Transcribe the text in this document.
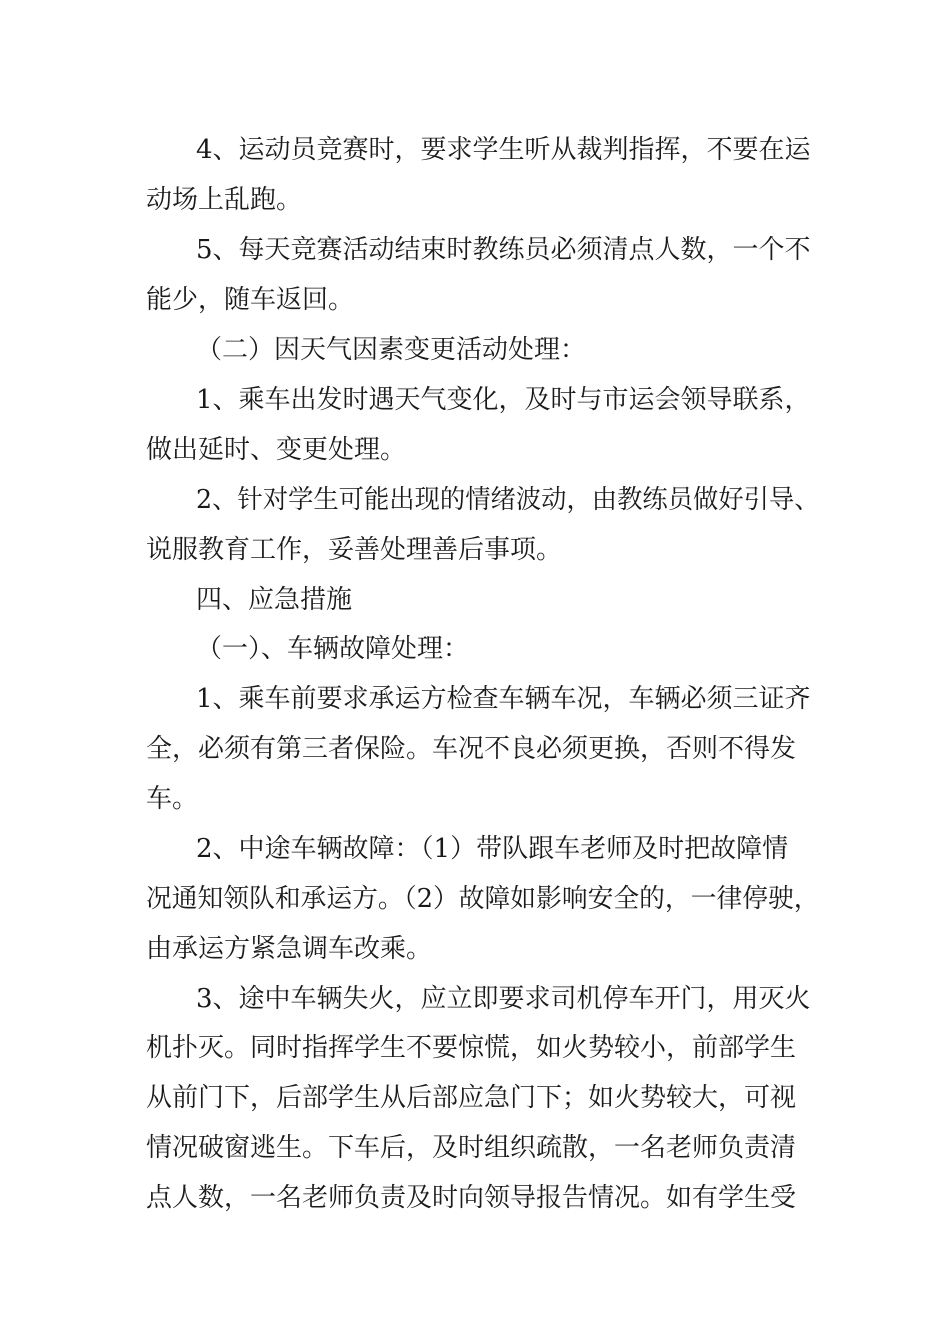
4、运动员竞赛时，要求学生听从裁判指挥，不要在运
动场上乱跑。
5、每天竞赛活动结束时教练员必须清点人数，一个不
能少，随车返回。
（二）因天气因素变更活动处理：
1、乘车出发时遇天气变化，及时与市运会领导联系，
做出延时、变更处理。
2、针对学生可能出现的情绪波动，由教练员做好引导、
说服教育工作，妥善处理善后事项。
四、应急措施
（一）、车辆故障处理：
1、乘车前要求承运方检查车辆车况，车辆必须三证齐
全，必须有第三者保险。车况不良必须更换，否则不得发
车。
2、中途车辆故障：（1）带队跟车老师及时把故障情
况通知领队和承运方。（2）故障如影响安全的，一律停驶，
由承运方紧急调车改乘。
3、途中车辆失火，应立即要求司机停车开门，用灭火
机扑灭。同时指挥学生不要惊慌，如火势较小，前部学生
从前门下，后部学生从后部应急门下；如火势较大，可视
情况破窗逃生。下车后，及时组织疏散，一名老师负责清
点人数，一名老师负责及时向领导报告情况。如有学生受
